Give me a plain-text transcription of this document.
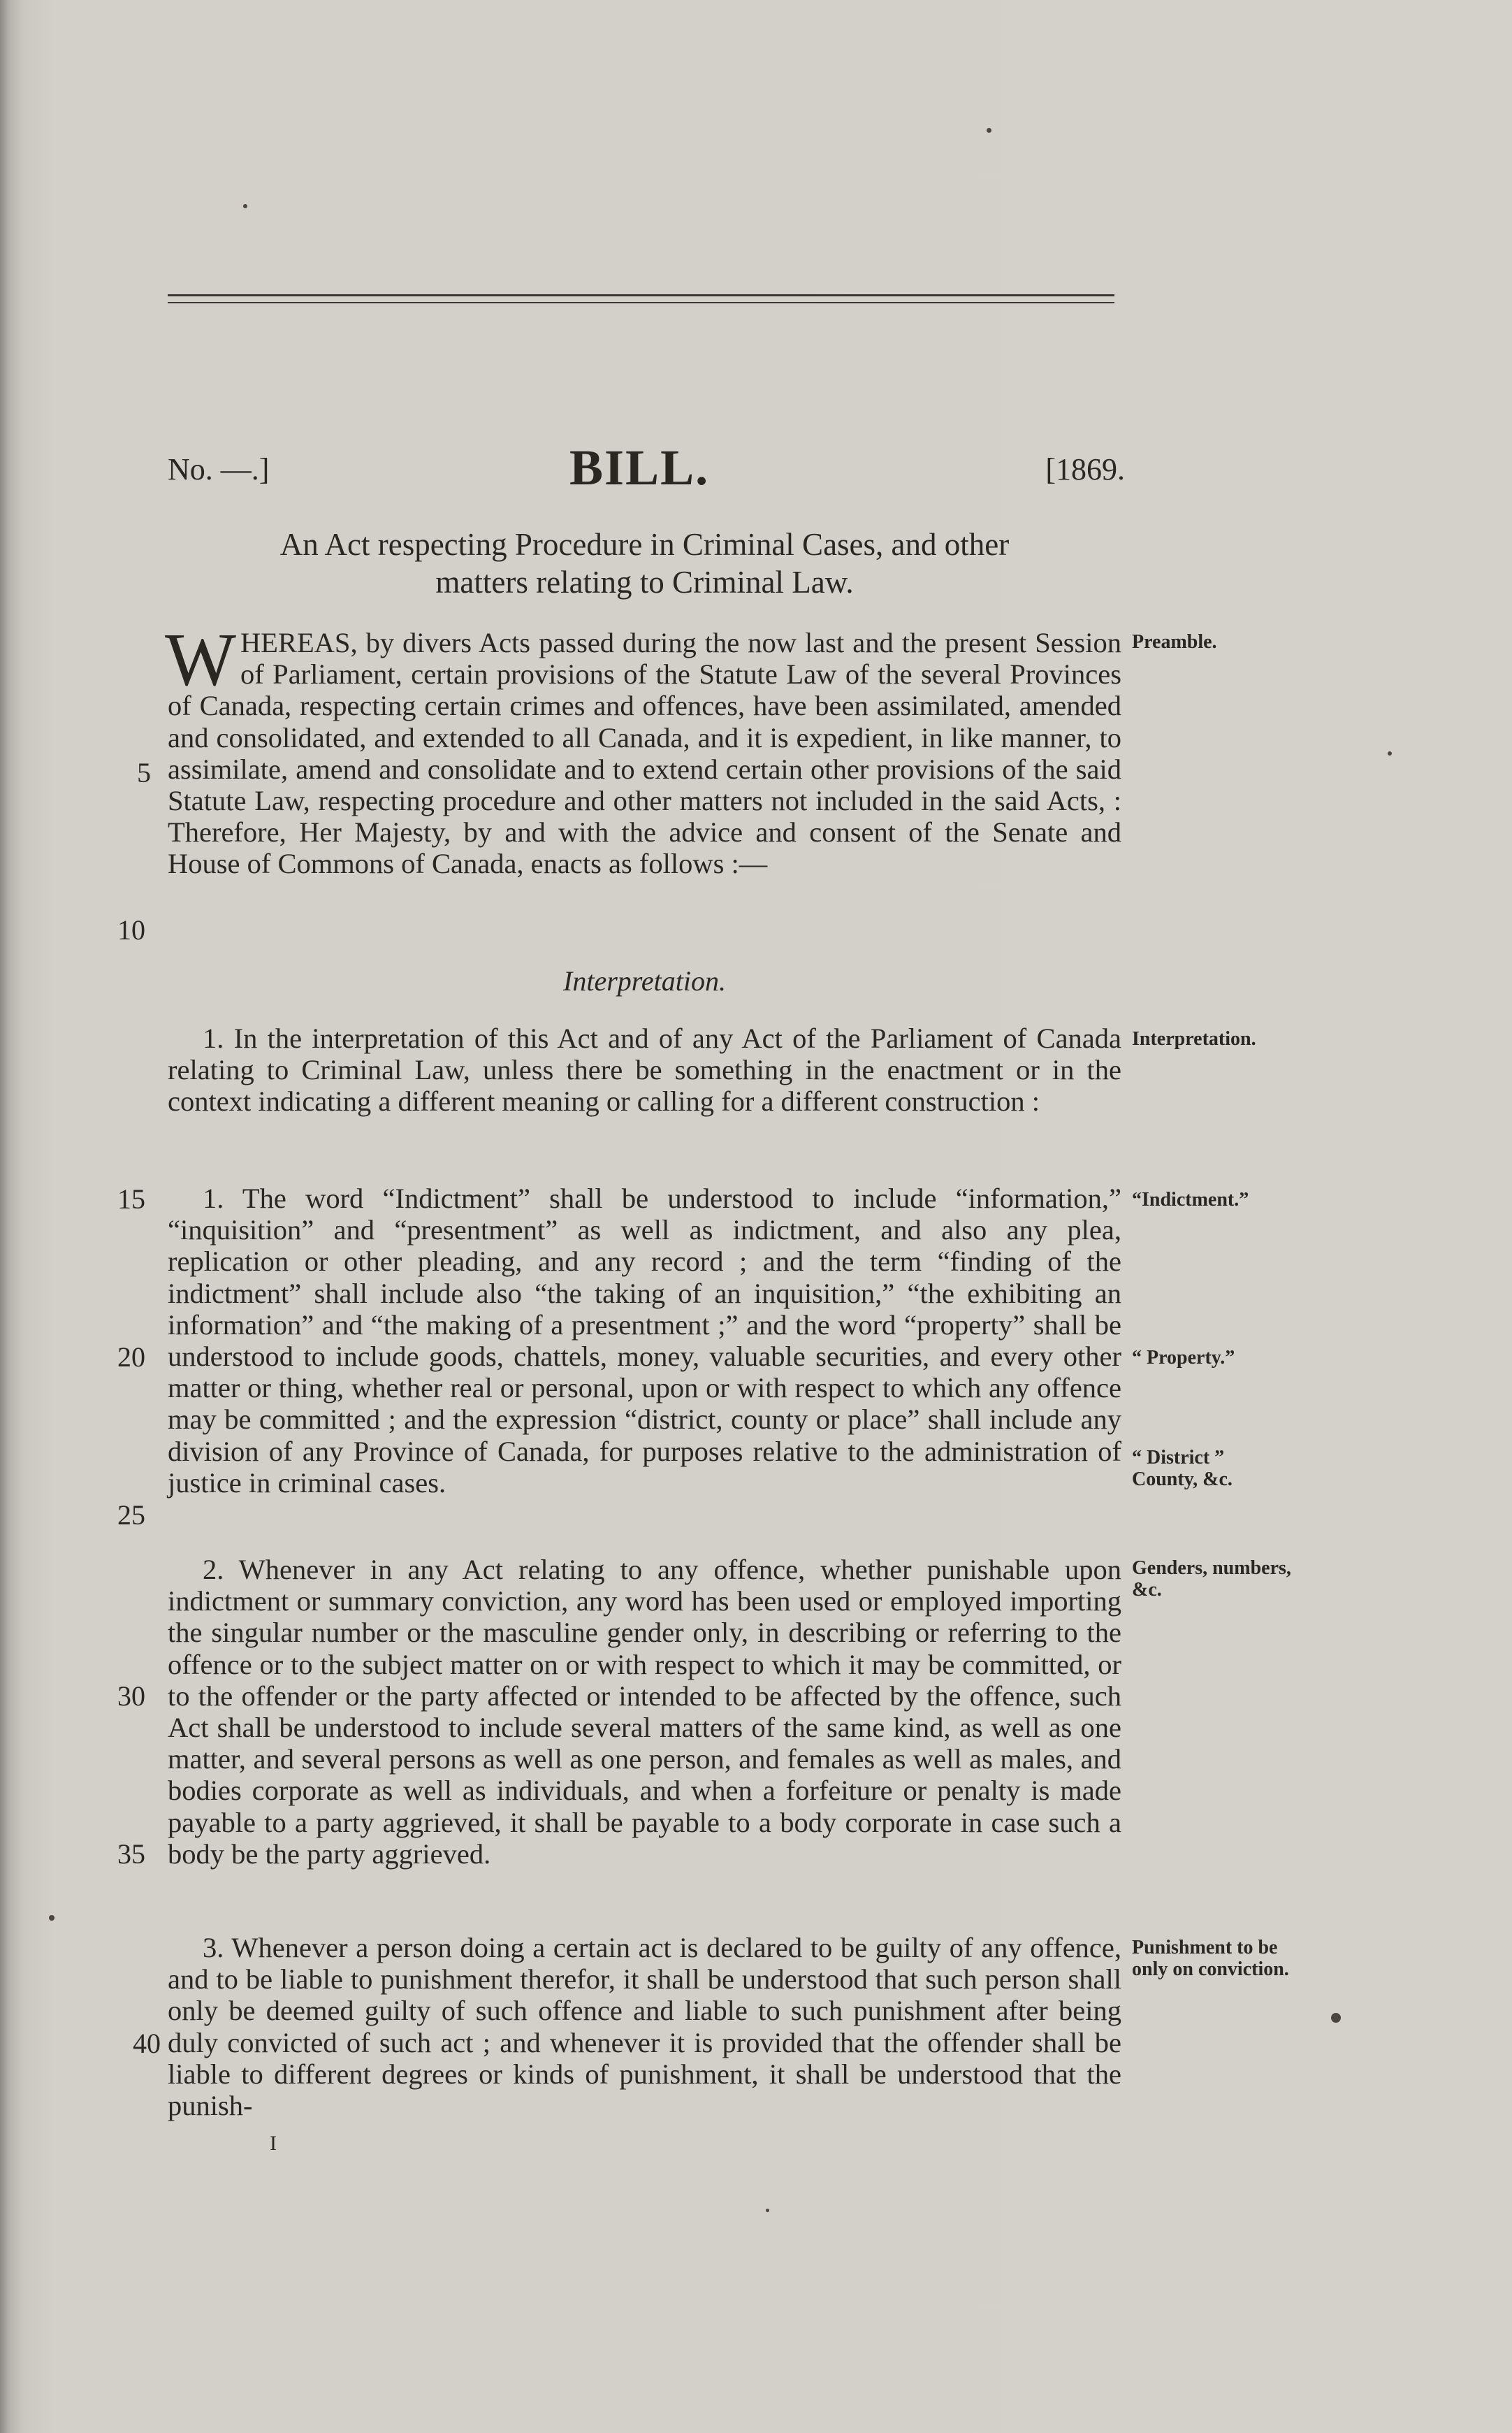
No. —.]	BILL.	[1869.
An Act respecting Procedure in Criminal Cases, and other
matters relating to Criminal Law.
WHEREAS, by divers Acts passed during the now last and the present Session of Parliament, certain provisions of the Statute Law of the several Provinces of Canada, respecting certain crimes and offences, have been assimilated, amended and consolidated, and extended to all Canada, and it is expedient, in like manner, to assimilate, amend and consolidate and to extend certain other provisions of the said Statute Law, respecting procedure and other matters not included in the said Acts, : Therefore, Her Majesty, by and with the advice and consent of the Senate and House of Commons of Canada, enacts as follows :—
Interpretation.
1. In the interpretation of this Act and of any Act of the Parliament of Canada relating to Criminal Law, unless there be something in the enactment or in the context indicating a different meaning or calling for a different construction :
1. The word “Indictment” shall be understood to include “information,” “inquisition” and “presentment” as well as indictment, and also any plea, replication or other pleading, and any record ; and the term “finding of the indictment” shall include also “the taking of an inquisition,” “the exhibiting an information” and “the making of a presentment ;” and the word “property” shall be understood to include goods, chattels, money, valuable securities, and every other matter or thing, whether real or personal, upon or with respect to which any offence may be committed ; and the expression “district, county or place” shall include any division of any Province of Canada, for purposes relative to the administration of justice in criminal cases.
2. Whenever in any Act relating to any offence, whether punishable upon indictment or summary conviction, any word has been used or employed importing the singular number or the masculine gender only, in describing or referring to the offence or to the subject matter on or with respect to which it may be committed, or to the offender or the party affected or intended to be affected by the offence, such Act shall be understood to include several matters of the same kind, as well as one matter, and several persons as well as one person, and females as well as males, and bodies corporate as well as individuals, and when a forfeiture or penalty is made payable to a party aggrieved, it shall be payable to a body corporate in case such a body be the party aggrieved.
3. Whenever a person doing a certain act is declared to be guilty of any offence, and to be liable to punishment therefor, it shall be understood that such person shall only be deemed guilty of such offence and liable to such punishment after being duly convicted of such act ; and whenever it is provided that the offender shall be liable to different degrees or kinds of punishment, it shall be understood that the punish-
5
10
15
20
25
30
35
40
Preamble.
Interpretation.
“Indictment.”
“ Property.”
“ District ” County, &c.
Genders, numbers, &c.
Punishment to be only on conviction.
I
